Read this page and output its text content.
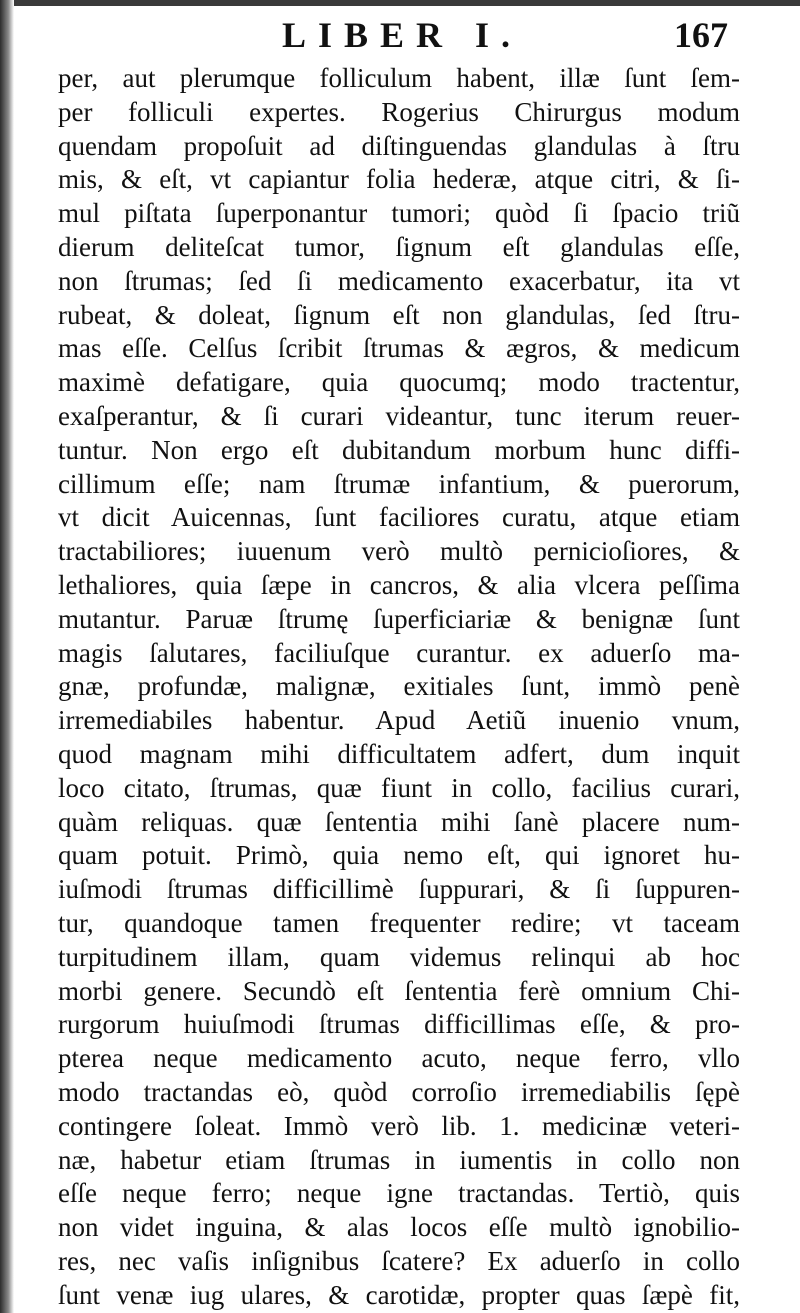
LIBER I.	167
per, aut plerumque folliculum habent, illæ ſunt ſem-
per folliculi expertes. Rogerius Chirurgus modum
quendam propoſuit ad diſtinguendas glandulas à ſtru
mis, & eſt, vt capiantur folia hederæ, atque citri, & ſi-
mul piſtata ſuperponantur tumori; quòd ſi ſpacio triũ
dierum deliteſcat tumor, ſignum eſt glandulas eſſe,
non ſtrumas; ſed ſi medicamento exacerbatur, ita vt
rubeat, & doleat, ſignum eſt non glandulas, ſed ſtru-
mas eſſe. Celſus ſcribit ſtrumas & ægros, & medicum
maximè defatigare, quia quocumq; modo tractentur,
exaſperantur, & ſi curari videantur, tunc iterum reuer-
tuntur. Non ergo eſt dubitandum morbum hunc diffi-
cillimum eſſe; nam ſtrumæ infantium, & puerorum,
vt dicit Auicennas, ſunt faciliores curatu, atque etiam
tractabiliores; iuuenum verò multò pernicioſiores, &
lethaliores, quia ſæpe in cancros, & alia vlcera peſſima
mutantur. Paruæ ſtrumę ſuperficiariæ & benignæ ſunt
magis ſalutares, faciliuſque curantur. ex aduerſo ma-
gnæ, profundæ, malignæ, exitiales ſunt, immò penè
irremediabiles habentur. Apud Aetiũ inuenio vnum,
quod magnam mihi difficultatem adfert, dum inquit
loco citato, ſtrumas, quæ fiunt in collo, facilius curari,
quàm reliquas. quæ ſententia mihi ſanè placere num-
quam potuit. Primò, quia nemo eſt, qui ignoret hu-
iuſmodi ſtrumas difficillimè ſuppurari, & ſi ſuppuren-
tur, quandoque tamen frequenter redire; vt taceam
turpitudinem illam, quam videmus relinqui ab hoc
morbi genere. Secundò eſt ſententia ferè omnium Chi-
rurgorum huiuſmodi ſtrumas difficillimas eſſe, & pro-
pterea neque medicamento acuto, neque ferro, vllo
modo tractandas eò, quòd corroſio irremediabilis ſępè
contingere ſoleat. Immò verò lib. 1. medicinæ veteri-
næ, habetur etiam ſtrumas in iumentis in collo non
eſſe neque ferro; neque igne tractandas. Tertiò, quis
non videt inguina, & alas locos eſſe multò ignobilio-
res, nec vaſis inſignibus ſcatere? Ex aduerſo in collo
ſunt venæ iug ulares, & carotidæ, propter quas ſæpè fit,
